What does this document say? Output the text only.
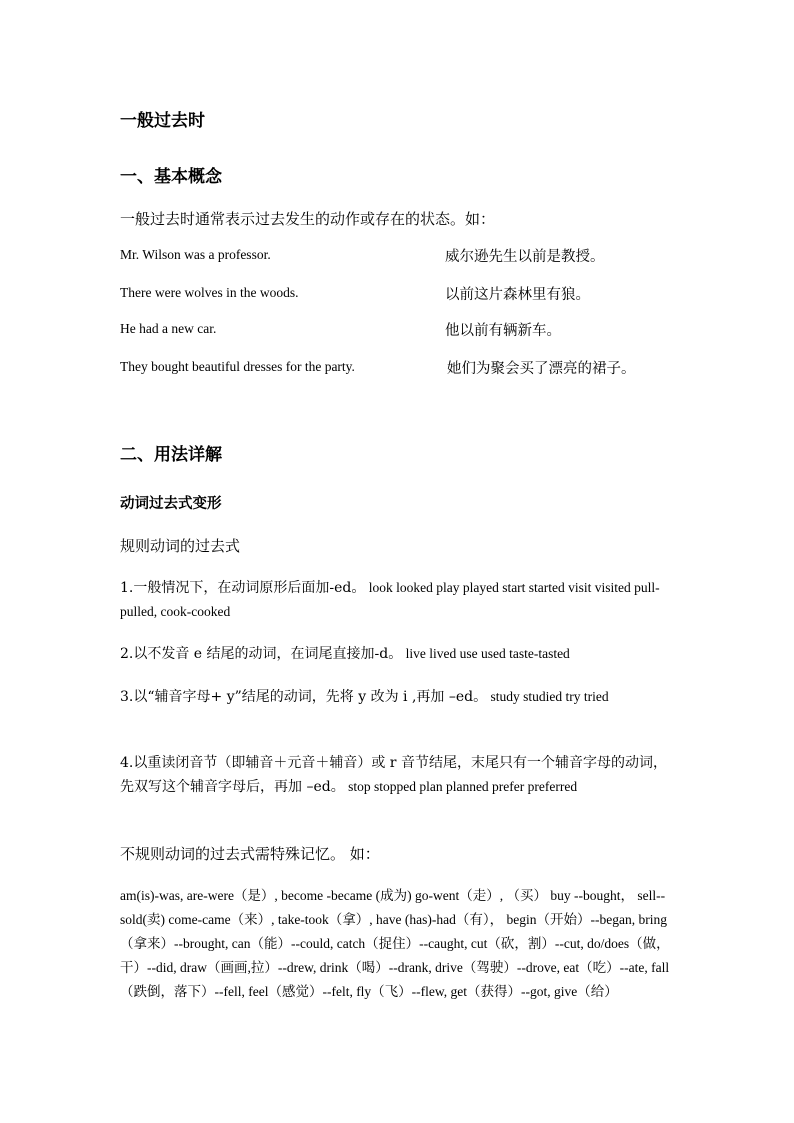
一般过去时
一、基本概念
一般过去时通常表示过去发生的动作或存在的状态。如：
Mr. Wilson was a professor.	威尔逊先生以前是教授。
There were wolves in the woods.	以前这片森林里有狼。
He had a new car.	他以前有辆新车。
They bought beautiful dresses for the party.	她们为聚会买了漂亮的裙子。
二、用法详解
动词过去式变形
规则动词的过去式
1.一般情况下，在动词原形后面加-ed。 look looked play played start started visit visited pull-pulled, cook-cooked
2.以不发音 e 结尾的动词，在词尾直接加-d。 live lived use used taste-tasted
3.以“辅音字母+ y”结尾的动词，先将 y 改为 i ,再加 –ed。 study studied try tried
4.以重读闭音节（即辅音＋元音＋辅音）或 r 音节结尾，末尾只有一个辅音字母的动词，先双写这个辅音字母后，再加 –ed。 stop stopped plan planned prefer preferred
不规则动词的过去式需特殊记忆。 如：
am(is)-was, are-were（是）, become -became (成为) go-went（走）, （买） buy --bought， sell--sold(卖) come-came（来）, take-took（拿）, have (has)-had（有）， begin（开始）--began, bring（拿来）--brought, can（能）--could, catch（捉住）--caught, cut（砍，割）--cut, do/does（做，干）--did, draw（画画,拉）--drew, drink（喝）--drank, drive（驾驶）--drove, eat（吃）--ate, fall（跌倒，落下）--fell, feel（感觉）--felt, fly（飞）--flew, get（获得）--got, give（给）
